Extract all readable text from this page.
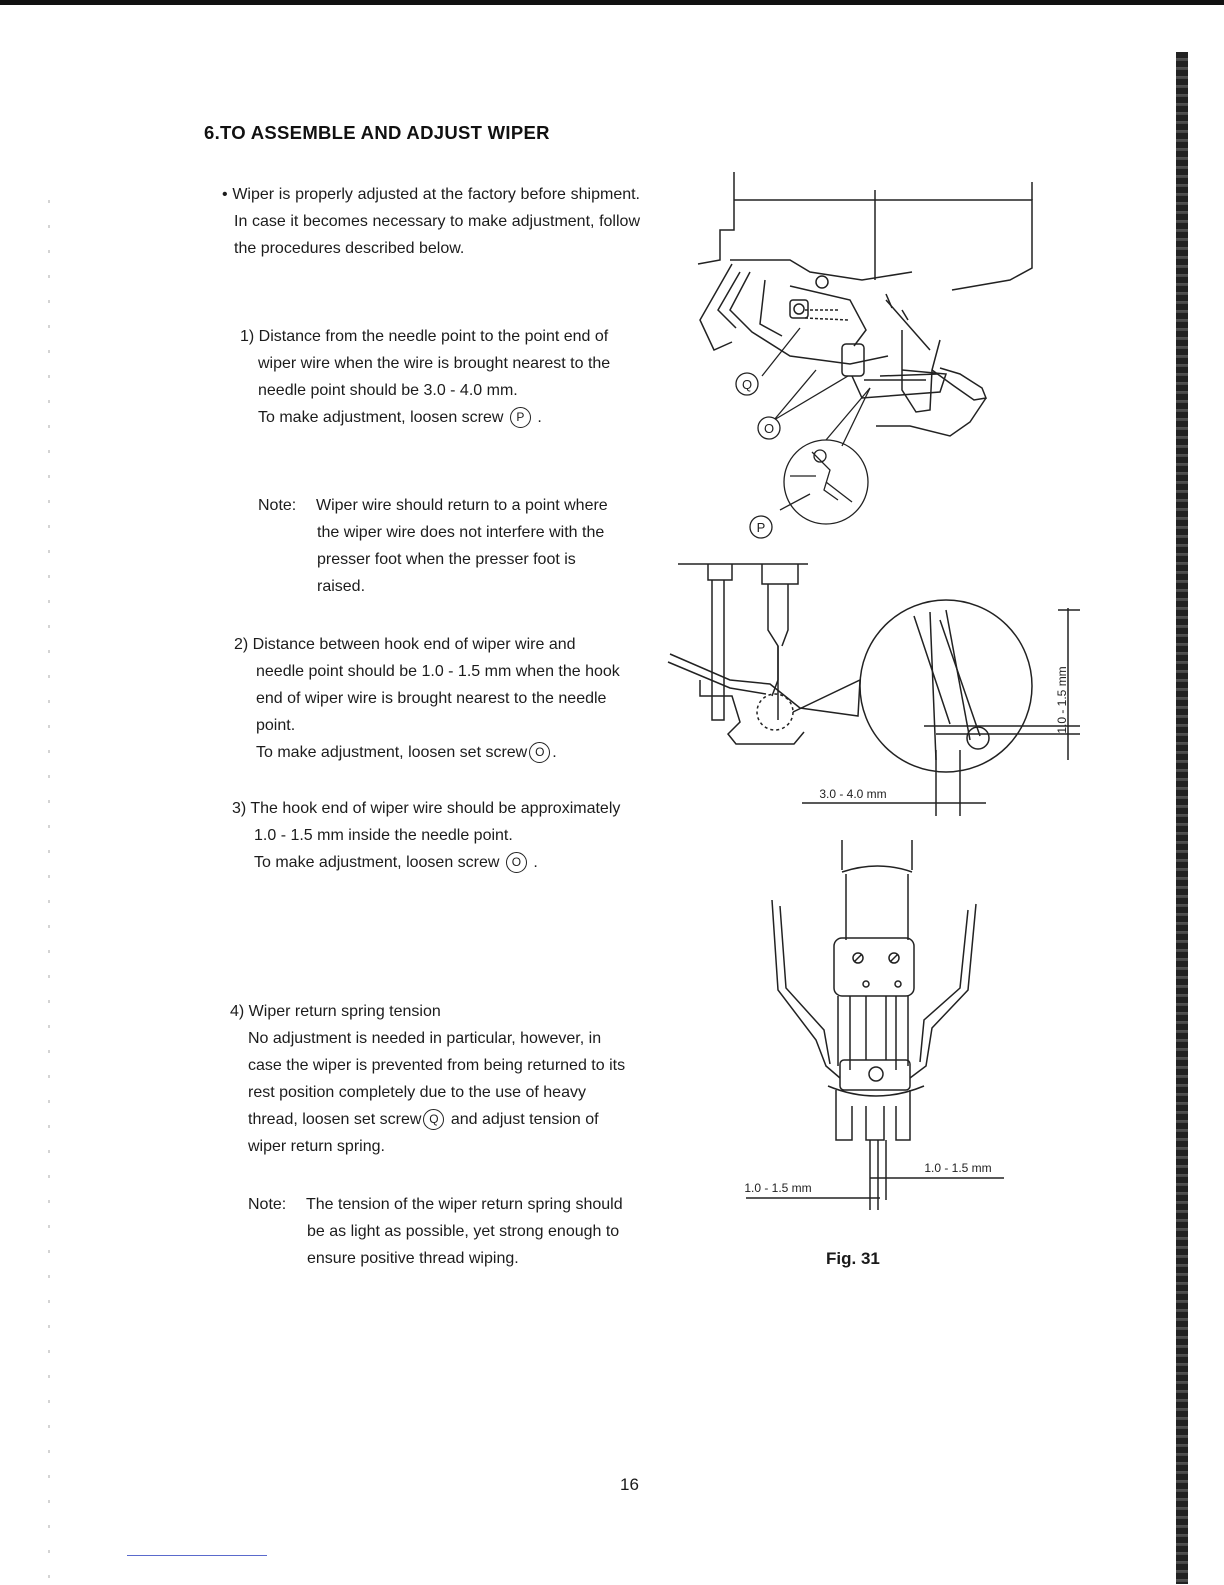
6.TO ASSEMBLE AND ADJUST WIPER

• Wiper is properly adjusted at the factory before shipment. In case it becomes necessary to make adjustment, follow the procedures described below.

1) Distance from the needle point to the point end of wiper wire when the wire is brought nearest to the needle point should be 3.0 - 4.0 mm.

To make adjustment, loosen screw P .

Note: Wiper wire should return to a point where the wiper wire does not interfere with the presser foot when the presser foot is raised.

2) Distance between hook end of wiper wire and needle point should be 1.0 - 1.5 mm when the hook end of wiper wire is brought nearest to the needle point.

To make adjustment, loosen set screw O .

3) The hook end of wiper wire should be approximately 1.0 - 1.5 mm inside the needle point.

To make adjustment, loosen screw O .

4) Wiper return spring tension

No adjustment is needed in particular, however, in case the wiper is prevented from being returned to its rest position completely due to the use of heavy thread, loosen set screw Q and adjust tension of wiper return spring.

Note: The tension of the wiper return spring should be as light as possible, yet strong enough to ensure positive thread wiping.

Q
O
P
1.0 - 1.5 mm
3.0 - 4.0 mm
1.0 - 1.5 mm
1.0 - 1.5 mm
Fig. 31
16
